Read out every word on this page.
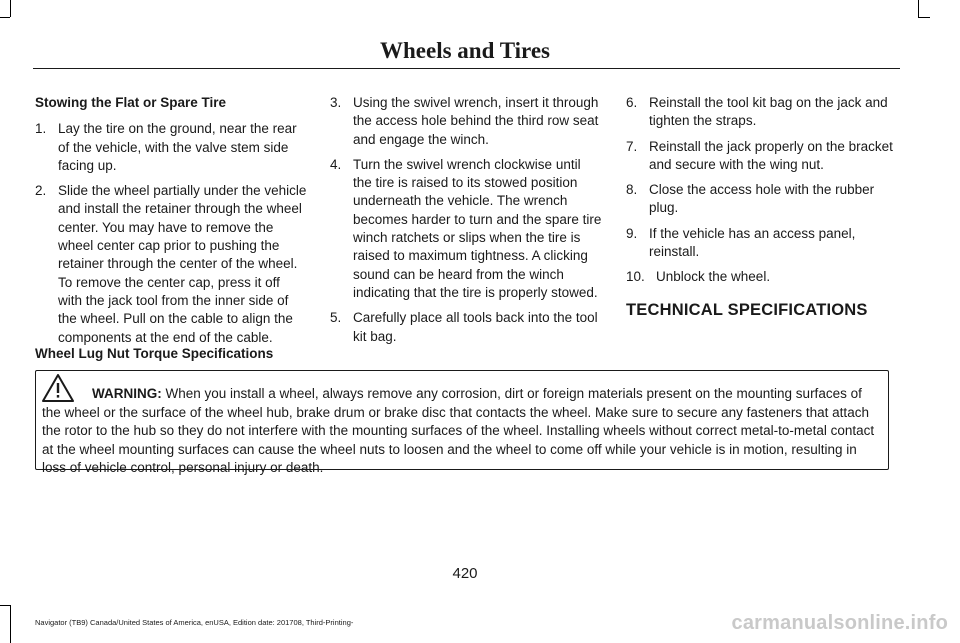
Wheels and Tires
Stowing the Flat or Spare Tire
1. Lay the tire on the ground, near the rear of the vehicle, with the valve stem side facing up.
2. Slide the wheel partially under the vehicle and install the retainer through the wheel center. You may have to remove the wheel center cap prior to pushing the retainer through the center of the wheel. To remove the center cap, press it off with the jack tool from the inner side of the wheel. Pull on the cable to align the components at the end of the cable.
3. Using the swivel wrench, insert it through the access hole behind the third row seat and engage the winch.
4. Turn the swivel wrench clockwise until the tire is raised to its stowed position underneath the vehicle. The wrench becomes harder to turn and the spare tire winch ratchets or slips when the tire is raised to maximum tightness. A clicking sound can be heard from the winch indicating that the tire is properly stowed.
5. Carefully place all tools back into the tool kit bag.
6. Reinstall the tool kit bag on the jack and tighten the straps.
7. Reinstall the jack properly on the bracket and secure with the wing nut.
8. Close the access hole with the rubber plug.
9. If the vehicle has an access panel, reinstall.
10. Unblock the wheel.
TECHNICAL SPECIFICATIONS
Wheel Lug Nut Torque Specifications
WARNING: When you install a wheel, always remove any corrosion, dirt or foreign materials present on the mounting surfaces of the wheel or the surface of the wheel hub, brake drum or brake disc that contacts the wheel. Make sure to secure any fasteners that attach the rotor to the hub so they do not interfere with the mounting surfaces of the wheel. Installing wheels without correct metal-to-metal contact at the wheel mounting surfaces can cause the wheel nuts to loosen and the wheel to come off while your vehicle is in motion, resulting in loss of vehicle control, personal injury or death.
420
Navigator (TB9) Canada/United States of America, enUSA, Edition date: 201708, Third-Printing-	carmanualsonline.info
